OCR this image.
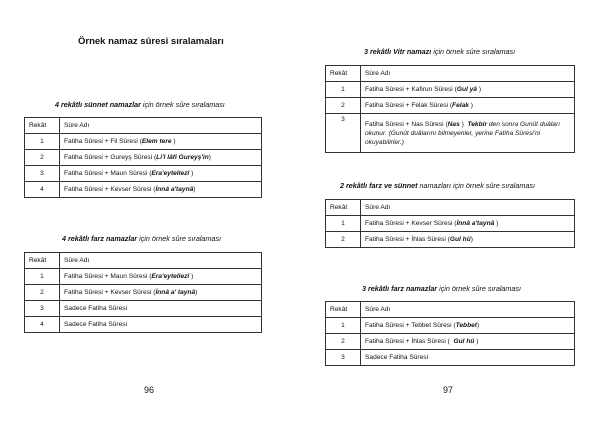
Örnek namaz sûresi sıralamaları
4 rekâtlı sünnet namazlar için örnek sûre sıralaması
Rekât	Sûre Adı
1	Fatiha Sûresi + Fil Sûresi (Elem tere )
2	Fatiha Sûresi + Gureyş Sûresi (Li'î lâfi Gureyş'in)
3	Fatiha Sûresi + Maun Sûresi (Era'eytellezî )
4	Fatiha Sûresi + Kevser Sûresi (İnnâ a'taynâ)
4 rekâtlı farz namazlar için örnek sûre sıralaması
Rekât	Sûre Adı
1	Fatiha Sûresi + Maun Sûresi (Era'eytellezî )
2	Fatiha Sûresi + Kevser Sûresi (İnnâ a' taynâ)
3	Sadece Fatiha Sûresi
4	Sadece Fatiha Sûresi
96
3 rekâtlı Vitr namazı için örnek sûre sıralaması
Rekât	Sûre Adı
1	Fatiha Sûresi + Kafirun Sûresi (Gul yâ )
2	Fatiha Sûresi + Felak Sûresi (Felak )
3	Fatiha Sûresi + Nas Sûresi (Nas ) Tekbir den sonra Gunût duâları okunur. (Gunût duâlarını bilmeyenler, yerine Fatiha Sûresi'ni okuyabilirler.)
2 rekâtlı farz ve sünnet namazları için örnek sûre sıralaması
Rekât	Sûre Adı
1	Fatiha Sûresi + Kevser Sûresi (İnnâ a'taynâ )
2	Fatiha Sûresi + İhlas Sûresi (Gul hü)
3 rekâtlı farz namazlar için örnek sûre sıralaması
Rekât	Sûre Adı
1	Fatiha Sûresi + Tebbet Sûresi (Tebbet)
2	Fatiha Sûresi + İhlas Sûresi ( Gul hü )
3	Sadece Fatiha Sûresi
97
